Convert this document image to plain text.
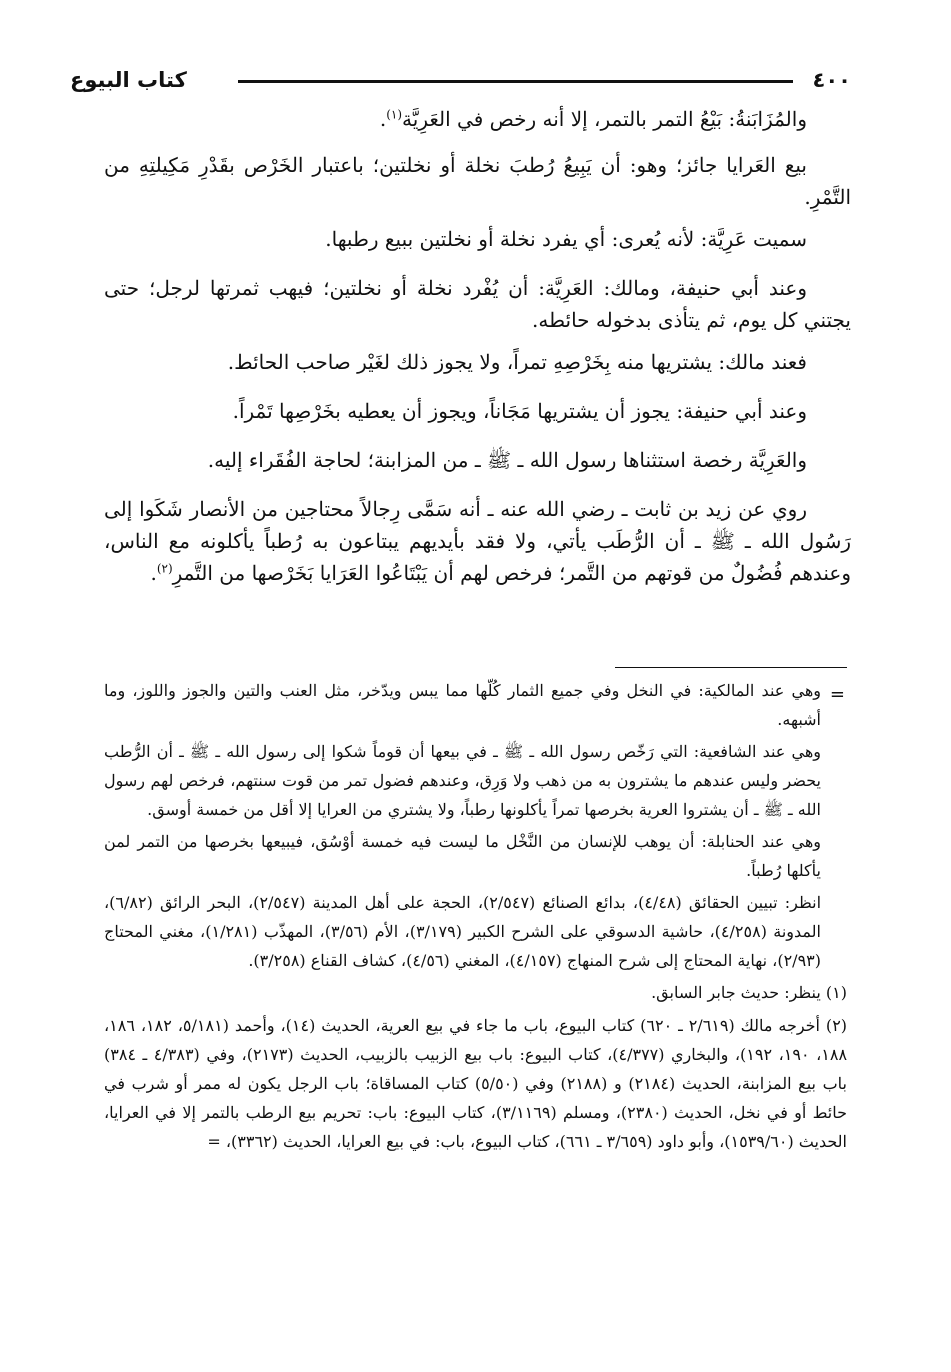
٤٠٠
كتاب البيوع

والمُزَابَنةُ: بَيْعُ التمر بالتمر، إلا أنه رخص في العَرِيَّة$^{(١)}$.

بيع العَرايا جائز؛ وهو: أن يَبِيعُ رُطبَ نخلة أو نخلتين؛ باعتبار الخَرْص بقَدْرِ مَكِيلتِهِ من التَّمْرِ.

سميت عَرِيَّة: لأنه يُعرى: أي يفرد نخلة أو نخلتين ببيع رطبها.

وعند أبي حنيفة، ومالك: العَرِيَّة: أن يُفْرد نخلة أو نخلتين؛ فيهب ثمرتها لرجل؛ حتى يجتني كل يوم، ثم يتأذى بدخوله حائطه.

فعند مالك: يشتريها منه بِخَرْصِهِ تمراً، ولا يجوز ذلك لغَيْر صاحب الحائط.

وعند أبي حنيفة: يجوز أن يشتريها مَجَاناً، ويجوز أن يعطيه بخَرْصِها تَمْراً.

والعَرِيَّة رخصة استثناها رسول الله ـ ﷺ ـ من المزابنة؛ لحاجة الفُقَراء إليه.

روي عن زيد بن ثابت ـ رضي الله عنه ـ أنه سَمَّى رِجالاً محتاجين من الأنصار شَكَوا إلى رَسُول الله ـ ﷺ ـ أن الرُّطَب يأتي، ولا فقد بأيديهم يبتاعون به رُطباً يأكلونه مع الناس، وعندهم فُضُولٌ من قوتهم من التَّمر؛ فرخص لهم أن يَبْتَاعُوا العَرَايا بَخَرْصها من التَّمرِ$^{(٢)}$.

=

وهي عند المالكية: في النخل وفي جميع الثمار كُلّها مما يبس ويدّخر، مثل العنب والتين والجوز واللوز، وما أشبهه.

وهي عند الشافعية: التي رَخّص رسول الله ـ ﷺ ـ في بيعها أن قوماً شكوا إلى رسول الله ـ ﷺ ـ أن الرُّطب يحضر وليس عندهم ما يشترون به من ذهب ولا وَرِق، وعندهم فضول تمر من قوت سنتهم، فرخص لهم رسول الله ـ ﷺ ـ أن يشتروا العرية بخرصها تمراً يأكلونها رطباً، ولا يشتري من العرايا إلا أقل من خمسة أوسق.

وهي عند الحنابلة: أن يوهب للإنسان من النَّخْل ما ليست فيه خمسة أوْسُق، فيبيعها بخرصها من التمر لمن يأكلها رُطباً.

انظر: تبيين الحقائق (٤/٤٨)، بدائع الصنائع (٢/٥٤٧)، الحجة على أهل المدينة (٢/٥٤٧)، البحر الرائق (٦/٨٢)، المدونة (٤/٢٥٨)، حاشية الدسوقي على الشرح الكبير (٣/١٧٩)، الأم (٣/٥٦)، المهذّب (١/٢٨١)، مغني المحتاج (٢/٩٣)، نهاية المحتاج إلى شرح المنهاج (٤/١٥٧)، المغني (٤/٥٦)، كشاف القناع (٣/٢٥٨).

(١) ينظر: حديث جابر السابق.

(٢) أخرجه مالك (٢/٦١٩ ـ ٦٢٠) كتاب البيوع، باب ما جاء في بيع العرية، الحديث (١٤)، وأحمد (٥/١٨١، ١٨٢، ١٨٦، ١٨٨، ١٩٠، ١٩٢)، والبخاري (٤/٣٧٧)، كتاب البيوع: باب بيع الزبيب بالزبيب، الحديث (٢١٧٣)، وفي (٤/٣٨٣ ـ ٣٨٤) باب بيع المزابنة، الحديث (٢١٨٤) و (٢١٨٨) وفي (٥/٥٠) كتاب المساقاة؛ باب الرجل يكون له ممر أو شرب في حائط أو في نخل، الحديث (٢٣٨٠)، ومسلم (٣/١١٦٩)، كتاب البيوع: باب: تحريم بيع الرطب بالتمر إلا في العرايا، الحديث (١٥٣٩/٦٠)، وأبو داود (٣/٦٥٩ ـ ٦٦١)، كتاب البيوع، باب: في بيع العرايا، الحديث (٣٣٦٢)، =
